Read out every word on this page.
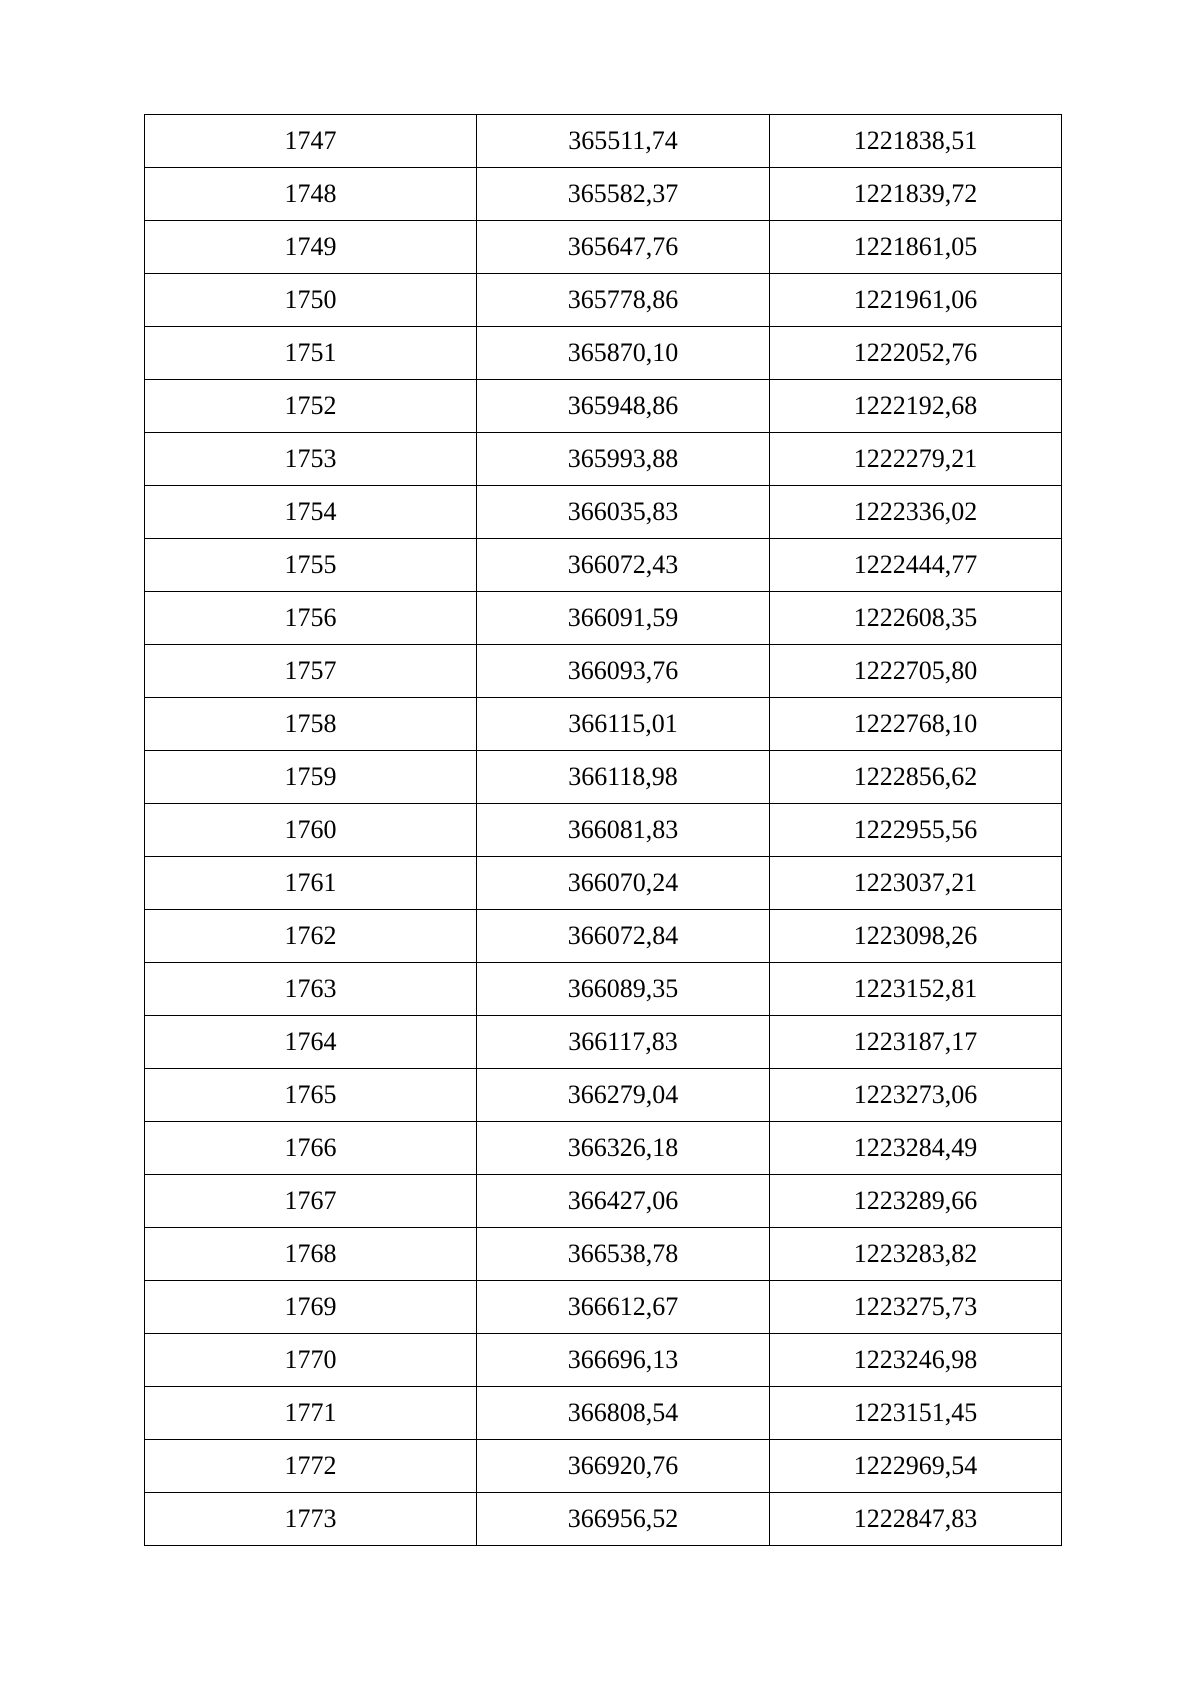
1747	365511,74	1221838,51
1748	365582,37	1221839,72
1749	365647,76	1221861,05
1750	365778,86	1221961,06
1751	365870,10	1222052,76
1752	365948,86	1222192,68
1753	365993,88	1222279,21
1754	366035,83	1222336,02
1755	366072,43	1222444,77
1756	366091,59	1222608,35
1757	366093,76	1222705,80
1758	366115,01	1222768,10
1759	366118,98	1222856,62
1760	366081,83	1222955,56
1761	366070,24	1223037,21
1762	366072,84	1223098,26
1763	366089,35	1223152,81
1764	366117,83	1223187,17
1765	366279,04	1223273,06
1766	366326,18	1223284,49
1767	366427,06	1223289,66
1768	366538,78	1223283,82
1769	366612,67	1223275,73
1770	366696,13	1223246,98
1771	366808,54	1223151,45
1772	366920,76	1222969,54
1773	366956,52	1222847,83
